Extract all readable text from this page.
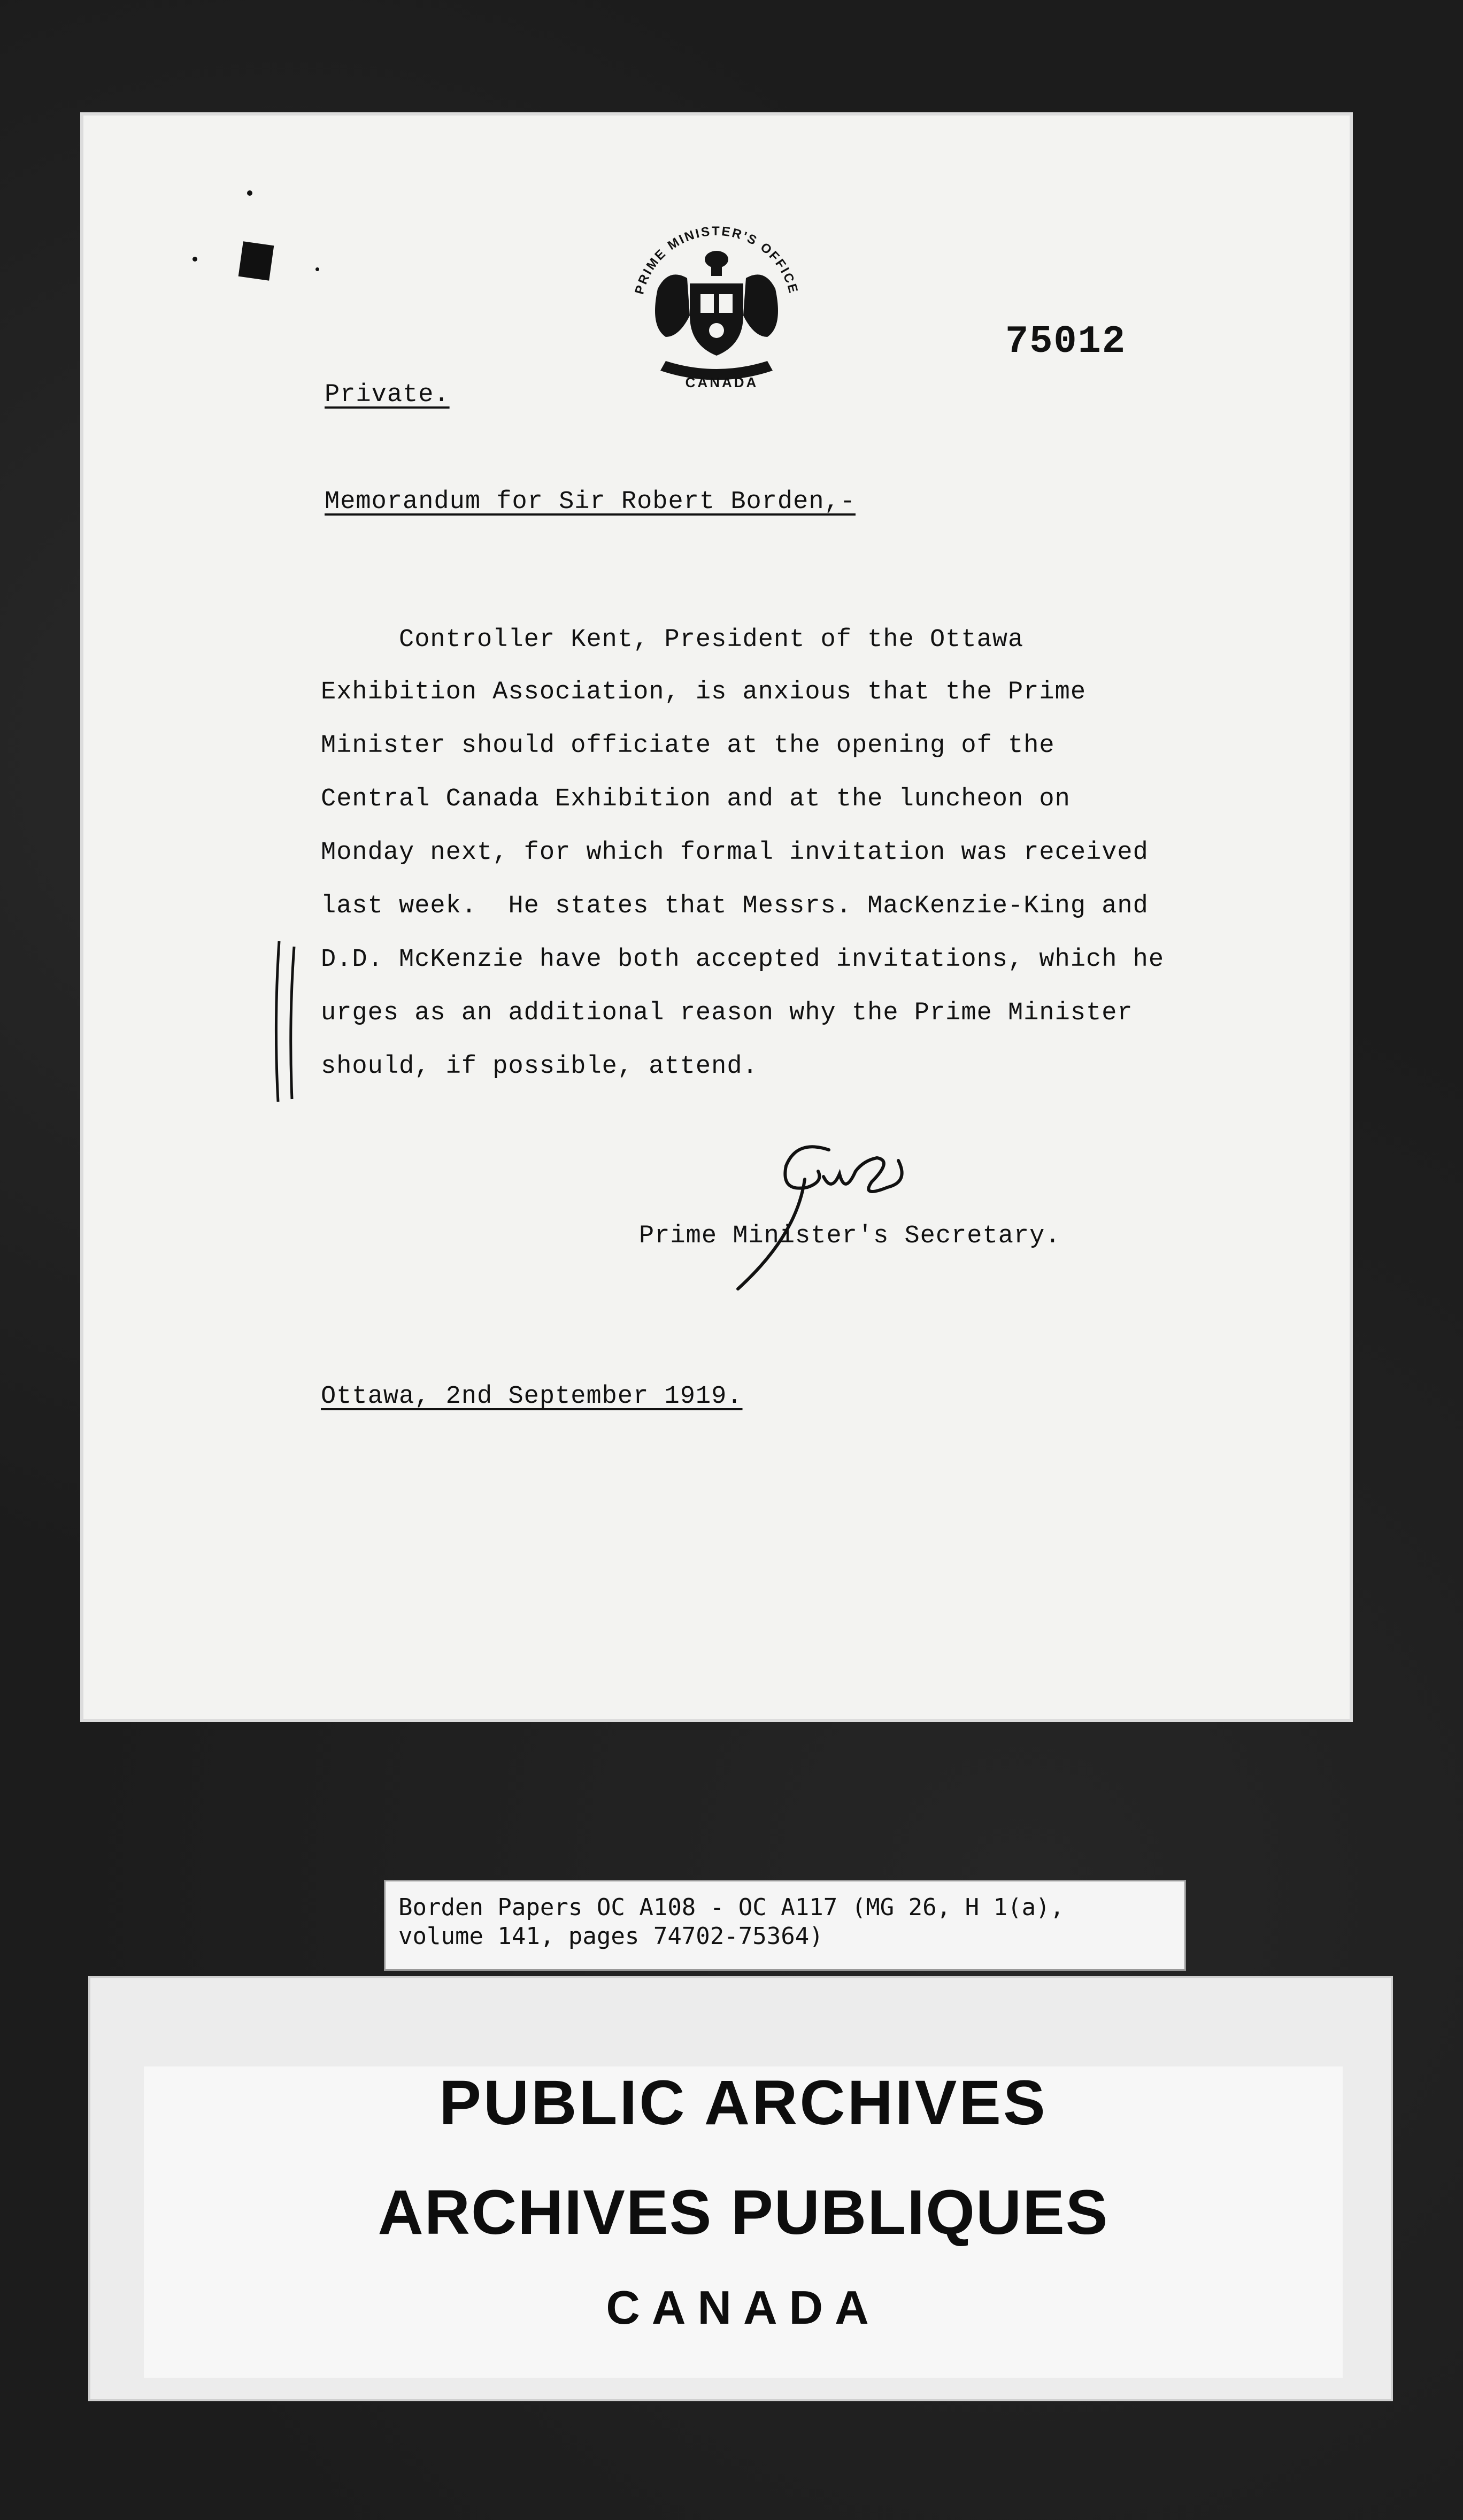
PRIME MINISTER'S OFFICE
CANADA
75012
Private.
Memorandum for Sir Robert Borden,-
Controller Kent, President of the Ottawa
Exhibition Association, is anxious that the Prime
Minister should officiate at the opening of the
Central Canada Exhibition and at the luncheon on
Monday next, for which formal invitation was received
last week.  He states that Messrs. MacKenzie-King and
D.D. McKenzie have both accepted invitations, which he
urges as an additional reason why the Prime Minister
should, if possible, attend.
Prime Minister's Secretary.
Ottawa, 2nd September 1919.
Borden Papers OC A108 - OC A117 (MG 26, H 1(a),
volume 141, pages 74702-75364)
PUBLIC ARCHIVES
ARCHIVES PUBLIQUES
CANADA
